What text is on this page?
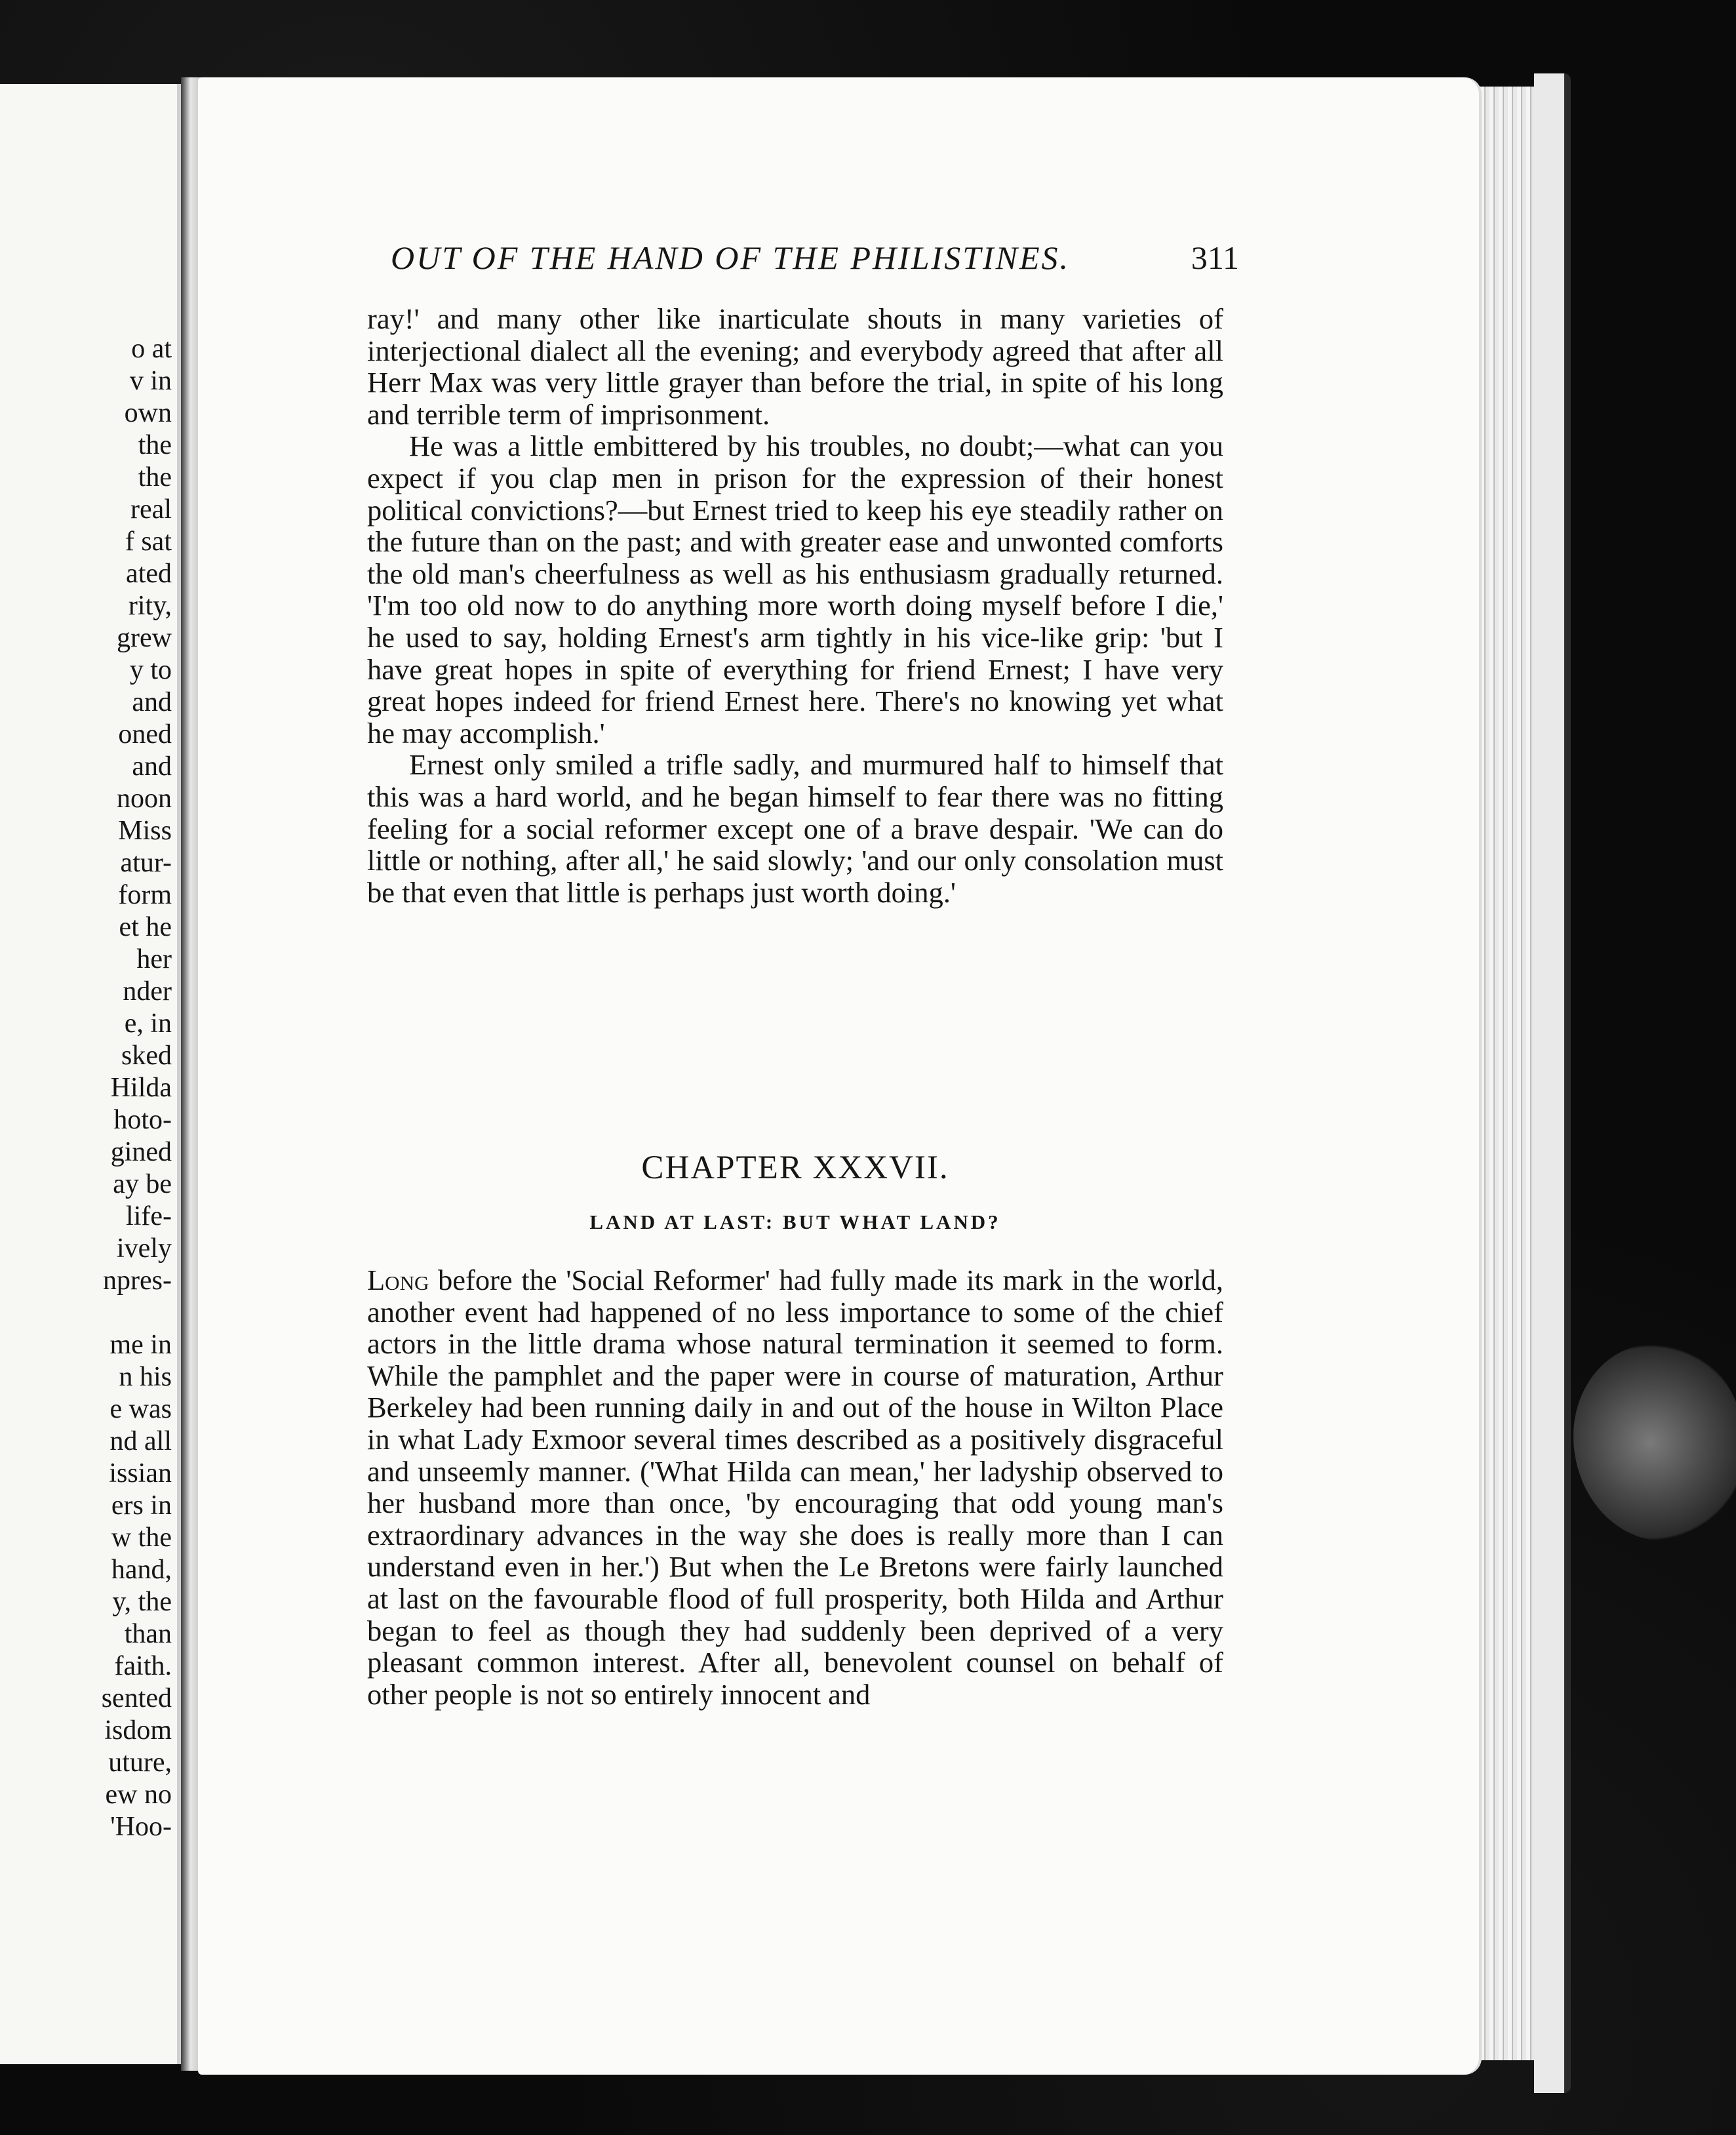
o at
v in
own
the
the
real
f sat
ated
rity,
grew
y to
and
oned
and
noon
Miss
atur-
form
et he
her
nder
e, in
sked
Hilda
hoto-
gined
ay be
life-
ively
npres-
me in
n his
e was
nd all
issian
ers in
w the
hand,
y, the
than
faith.
sented
isdom
uture,
ew no
'Hoo-
OUT OF THE HAND OF THE PHILISTINES.	311

ray!' and many other like inarticulate shouts in many varieties of interjectional dialect all the evening; and everybody agreed that after all Herr Max was very little grayer than before the trial, in spite of his long and terrible term of imprisonment.

He was a little embittered by his troubles, no doubt;—what can you expect if you clap men in prison for the expression of their honest political convictions?—but Ernest tried to keep his eye steadily rather on the future than on the past; and with greater ease and unwonted comforts the old man's cheerfulness as well as his enthusiasm gradually returned. 'I'm too old now to do anything more worth doing myself before I die,' he used to say, holding Ernest's arm tightly in his vice-like grip: 'but I have great hopes in spite of everything for friend Ernest; I have very great hopes indeed for friend Ernest here. There's no knowing yet what he may accomplish.'

Ernest only smiled a trifle sadly, and murmured half to himself that this was a hard world, and he began himself to fear there was no fitting feeling for a social reformer except one of a brave despair. 'We can do little or nothing, after all,' he said slowly; 'and our only consolation must be that even that little is perhaps just worth doing.'

CHAPTER XXXVII.
LAND AT LAST: BUT WHAT LAND?

Long before the 'Social Reformer' had fully made its mark in the world, another event had happened of no less importance to some of the chief actors in the little drama whose natural termination it seemed to form. While the pamphlet and the paper were in course of maturation, Arthur Berkeley had been running daily in and out of the house in Wilton Place in what Lady Exmoor several times described as a positively disgraceful and unseemly manner. ('What Hilda can mean,' her ladyship observed to her husband more than once, 'by encouraging that odd young man's extraordinary advances in the way she does is really more than I can understand even in her.') But when the Le Bretons were fairly launched at last on the favourable flood of full prosperity, both Hilda and Arthur began to feel as though they had suddenly been deprived of a very pleasant common interest. After all, benevolent counsel on behalf of other people is not so entirely innocent and
